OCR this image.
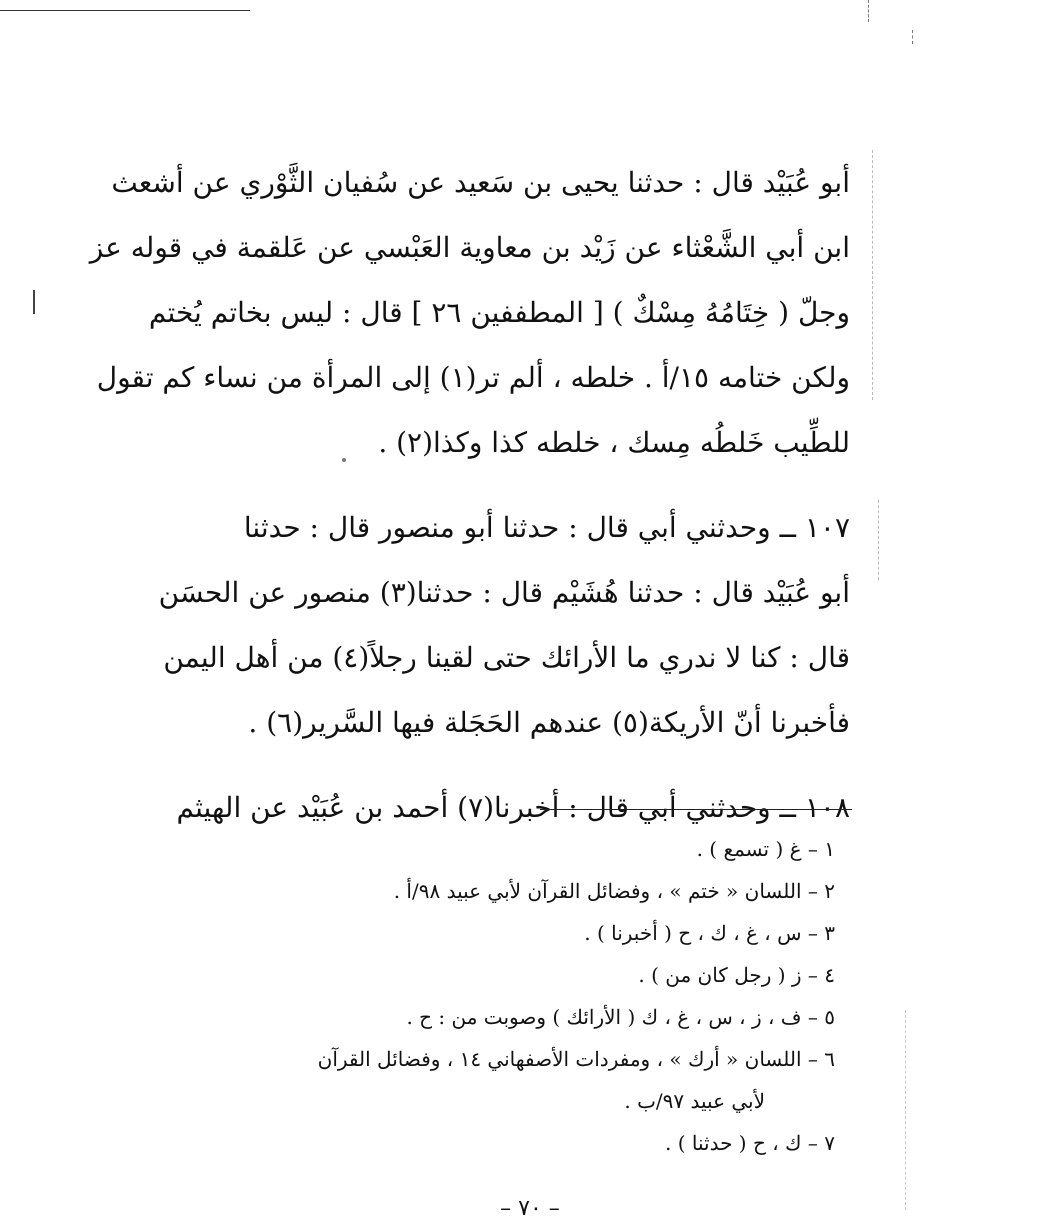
أبو عُبَيْد قال : حدثنا يحيى بن سَعيد عن سُفيان الثَّوْري عن أشعث
ابن أبي الشَّعْثاء عن زَيْد بن معاوية العَبْسي عن عَلقمة في قوله عز
وجلّ ( خِتَامُهُ مِسْكٌ ) [ المطففين ٢٦ ] قال : ليس بخاتم يُختم
ولكن ختامه ١٥/أ . خلطه ، ألم تر(١) إلى المرأة من نساء كم تقول
للطِّيب خَلطُه مِسك ، خلطه كذا وكذا(٢) .
١٠٧ ــ وحدثني أبي قال : حدثنا أبو منصور قال : حدثنا
أبو عُبَيْد قال : حدثنا هُشَيْم قال : حدثنا(٣) منصور عن الحسَن
قال : كنا لا ندري ما الأرائك حتى لقينا رجلاً(٤) من أهل اليمن
فأخبرنا أنّ الأريكة(٥) عندهم الحَجَلة فيها السَّرير(٦) .
١٠٨ ــ وحدثني أبي قال : أخبرنا(٧) أحمد بن عُبَيْد عن الهيثم
١ – غ ( تسمع ) .
٢ – اللسان « ختم » ، وفضائل القرآن لأبي عبيد ٩٨/أ .
٣ – س ، غ ، ك ، ح ( أخبرنا ) .
٤ – ز ( رجل كان من ) .
٥ – ف ، ز ، س ، غ ، ك ( الأرائك ) وصوبت من : ح .
٦ – اللسان « أرك » ، ومفردات الأصفهاني ١٤ ، وفضائل القرآن
لأبي عبيد ٩٧/ب .
٧ – ك ، ح ( حدثنا ) .
– ٧٠ –
